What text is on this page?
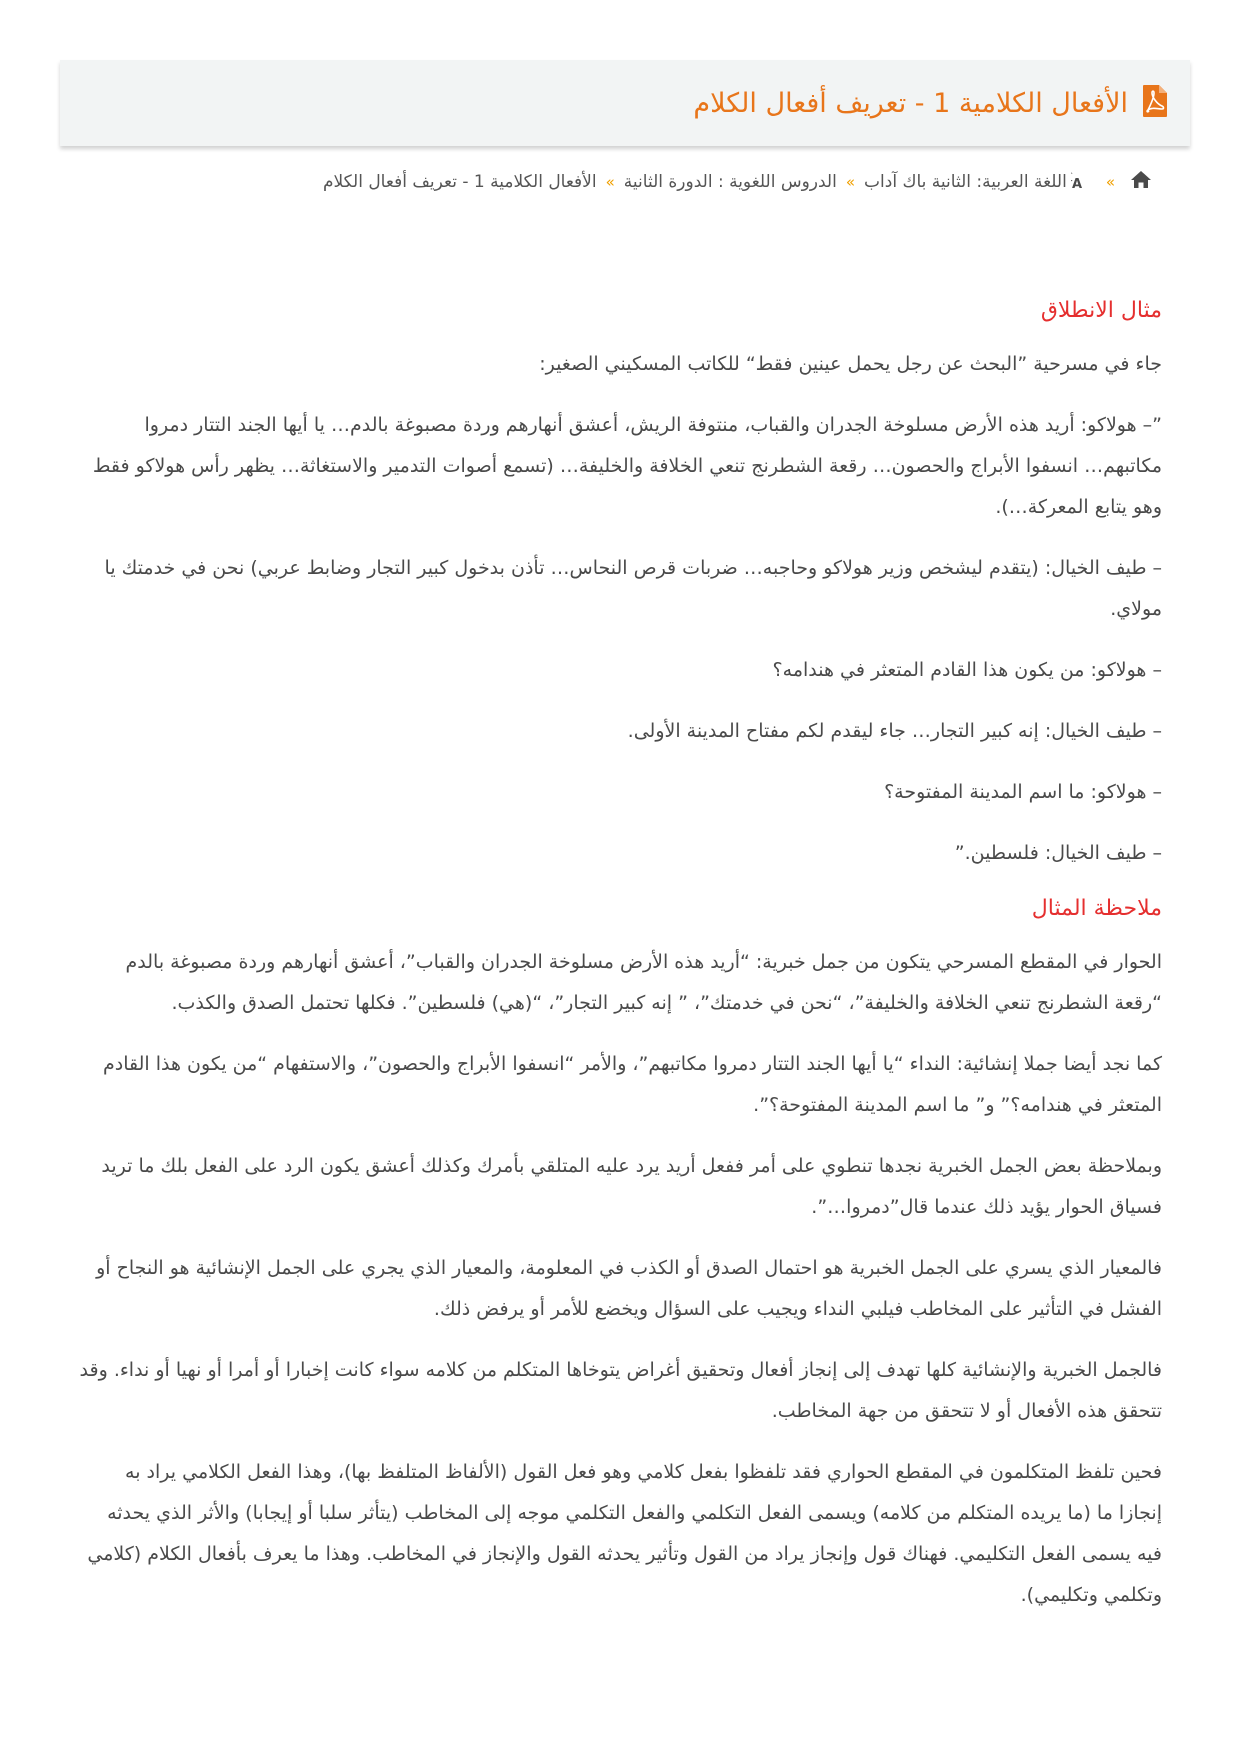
الأفعال الكلامية 1 - تعريف أفعال الكلام
»
A
اللغة العربية: الثانية باك آداب
»
الدروس اللغوية : الدورة الثانية
»
الأفعال الكلامية 1 - تعريف أفعال الكلام
مثال الانطلاق

جاء في مسرحية ”البحث عن رجل يحمل عينين فقط“ للكاتب المسكيني الصغير:

”– هولاكو: أريد هذه الأرض مسلوخة الجدران والقباب، منتوفة الريش، أعشق أنهارهم وردة مصبوغة بالدم… يا أيها الجند التتار دمروا مكاتبهم… انسفوا الأبراج والحصون… رقعة الشطرنج تنعي الخلافة والخليفة… (تسمع أصوات التدمير والاستغاثة… يظهر رأس هولاكو فقط وهو يتابع المعركة…).

– طيف الخيال: (يتقدم ليشخص وزير هولاكو وحاجبه… ضربات قرص النحاس… تأذن بدخول كبير التجار وضابط عربي) نحن في خدمتك يا مولاي.

– هولاكو: من يكون هذا القادم المتعثر في هندامه؟

– طيف الخيال: إنه كبير التجار… جاء ليقدم لكم مفتاح المدينة الأولى.

– هولاكو: ما اسم المدينة المفتوحة؟

– طيف الخيال: فلسطين.”

ملاحظة المثال

الحوار في المقطع المسرحي يتكون من جمل خبرية: “أريد هذه الأرض مسلوخة الجدران والقباب”، أعشق أنهارهم وردة مصبوغة بالدم “رقعة الشطرنج تنعي الخلافة والخليفة”، “نحن في خدمتك”، ” إنه كبير التجار”، “(هي) فلسطين”. فكلها تحتمل الصدق والكذب.

كما نجد أيضا جملا إنشائية: النداء “يا أيها الجند التتار دمروا مكاتبهم”، والأمر “انسفوا الأبراج والحصون”، والاستفهام “من يكون هذا القادم المتعثر في هندامه؟” و” ما اسم المدينة المفتوحة؟”.

وبملاحظة بعض الجمل الخبرية نجدها تنطوي على أمر ففعل أريد يرد عليه المتلقي بأمرك وكذلك أعشق يكون الرد على الفعل بلك ما تريد فسياق الحوار يؤيد ذلك عندما قال”دمروا…”.

فالمعيار الذي يسري على الجمل الخبرية هو احتمال الصدق أو الكذب في المعلومة، والمعيار الذي يجري على الجمل الإنشائية هو النجاح أو الفشل في التأثير على المخاطب فيلبي النداء ويجيب على السؤال ويخضع للأمر أو يرفض ذلك.

فالجمل الخبرية والإنشائية كلها تهدف إلى إنجاز أفعال وتحقيق أغراض يتوخاها المتكلم من كلامه سواء كانت إخبارا أو أمرا أو نهيا أو نداء. وقد تتحقق هذه الأفعال أو لا تتحقق من جهة المخاطب.

فحين تلفظ المتكلمون في المقطع الحواري فقد تلفظوا بفعل كلامي وهو فعل القول (الألفاظ المتلفظ بها)، وهذا الفعل الكلامي يراد به إنجازا ما (ما يريده المتكلم من كلامه) ويسمى الفعل التكلمي والفعل التكلمي موجه إلى المخاطب (يتأثر سلبا أو إيجابا) والأثر الذي يحدثه فيه يسمى الفعل التكليمي. فهناك قول وإنجاز يراد من القول وتأثير يحدثه القول والإنجاز في المخاطب. وهذا ما يعرف بأفعال الكلام (كلامي وتكلمي وتكليمي).
